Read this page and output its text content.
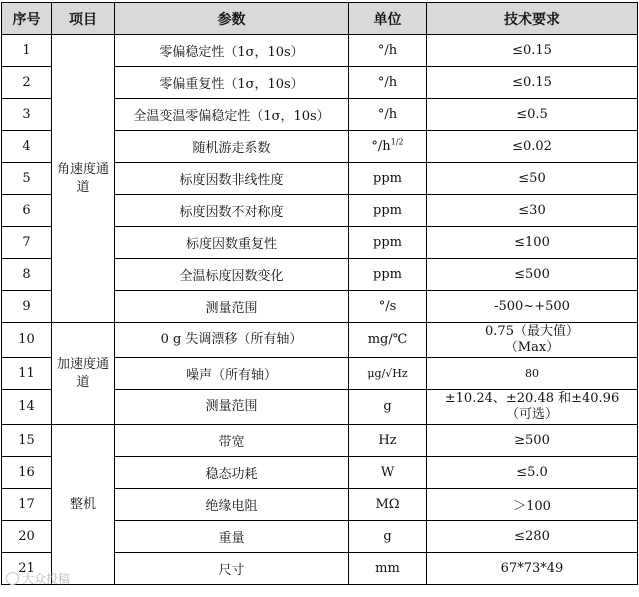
序号	项目	参数	单位	技术要求
1	角速度通道	零偏稳定性（1σ，10s）	°/h	≤0.15
2		零偏重复性（1σ，10s）	°/h	≤0.15
3		全温变温零偏稳定性（1σ，10s）	°/h	≤0.5
4		随机游走系数	$^\circ/h^{1/2}$	≤0.02
5		标度因数非线性度	ppm	≤50
6		标度因数不对称度	ppm	≤30
7		标度因数重复性	ppm	≤100
8		全温标度因数变化	ppm	≤500
9		测量范围	°/s	-500~+500
10	加速度通道	0 g 失调漂移（所有轴）	mg/℃	0.75（最大值）
（Max）
11		噪声（所有轴）	μg/√Hz	80
14		测量范围	g	±10.24、±20.48 和±40.96
（可选）
15	整机	带宽	Hz	≥500
16		稳态功耗	W	≤5.0
17		绝缘电阻	MΩ	＞100
20		重量	g	≤280
21		尺寸	mm	67*73*49
大众投稿
